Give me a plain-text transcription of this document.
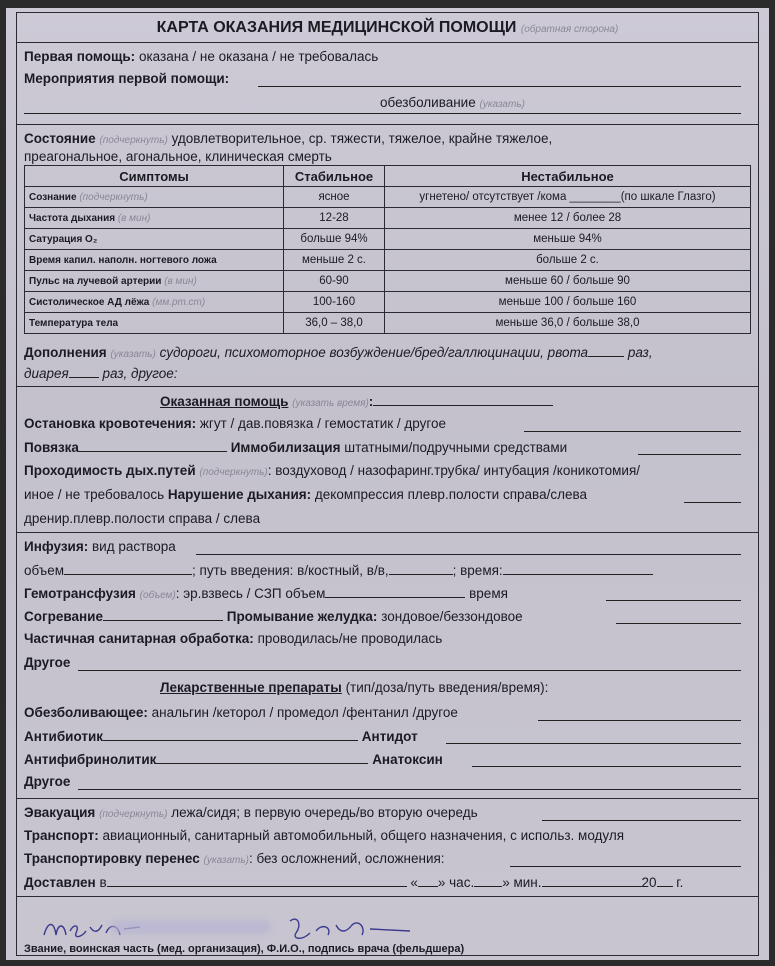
КАРТА ОКАЗАНИЯ МЕДИЦИНСКОЙ ПОМОЩИ (обратная сторона)
Первая помощь: оказана / не оказана / не требовалась
Мероприятия первой помощи:
обезболивание (указать)
Состояние (подчеркнуть) удовлетворительное, ср. тяжести, тяжелое, крайне тяжелое,
преагональное, агональное, клиническая смерть
Симптомы	Стабильное	Нестабильное
Сознание (подчеркнуть)	ясное	угнетено/ отсутствует /кома ________(по шкале Глазго)
Частота дыхания (в мин)	12-28	менее 12 / более 28
Сатурация О₂	больше 94%	меньше 94%
Время капил. наполн. ногтевого ложа	меньше 2 с.	больше 2 с.
Пульс на лучевой артерии (в мин)	60-90	меньше 60 / больше 90
Систолическое АД лёжа (мм.рт.ст)	100-160	меньше 100 / больше 160
Температура тела	36,0 – 38,0	меньше 36,0 / больше 38,0
Дополнения (указать) судороги, психомоторное возбуждение/бред/галлюцинации, рвота	раз,
диарея	раз, другое:
Оказанная помощь (указать время):
Остановка кровотечения: жгут / дав.повязка / гемостатик / другое
Повязка	Иммобилизация штатными/подручными средствами
Проходимость дых.путей (подчеркнуть): воздуховод / назофаринг.трубка/ интубация /коникотомия/
иное / не требовалось Нарушение дыхания: декомпрессия плевр.полости справа/слева
дренир.плевр.полости справа / слева
Инфузия: вид раствора
объем	; путь введения: в/костный, в/в,	; время:
Гемотрансфузия (объем): эр.взвесь / СЗП объем	время
Согревание	Промывание желудка: зондовое/беззондовое
Частичная санитарная обработка: проводилась/не проводилась
Другое
Лекарственные препараты (тип/доза/путь введения/время):
Обезболивающее: анальгин /кеторол / промедол /фентанил /другое
Антибиотик	Антидот
Антифибринолитик	Анатоксин
Другое
Эвакуация (подчеркнуть) лежа/сидя; в первую очередь/во вторую очередь
Транспорт: авиационный, санитарный автомобильный, общего назначения, с использ. модуля
Транспортировку перенес (указать): без осложнений, осложнения:
Доставлен в	« » час. » мин.	20 г.
Звание, воинская часть (мед. организация), Ф.И.О., подпись врача (фельдшера)
